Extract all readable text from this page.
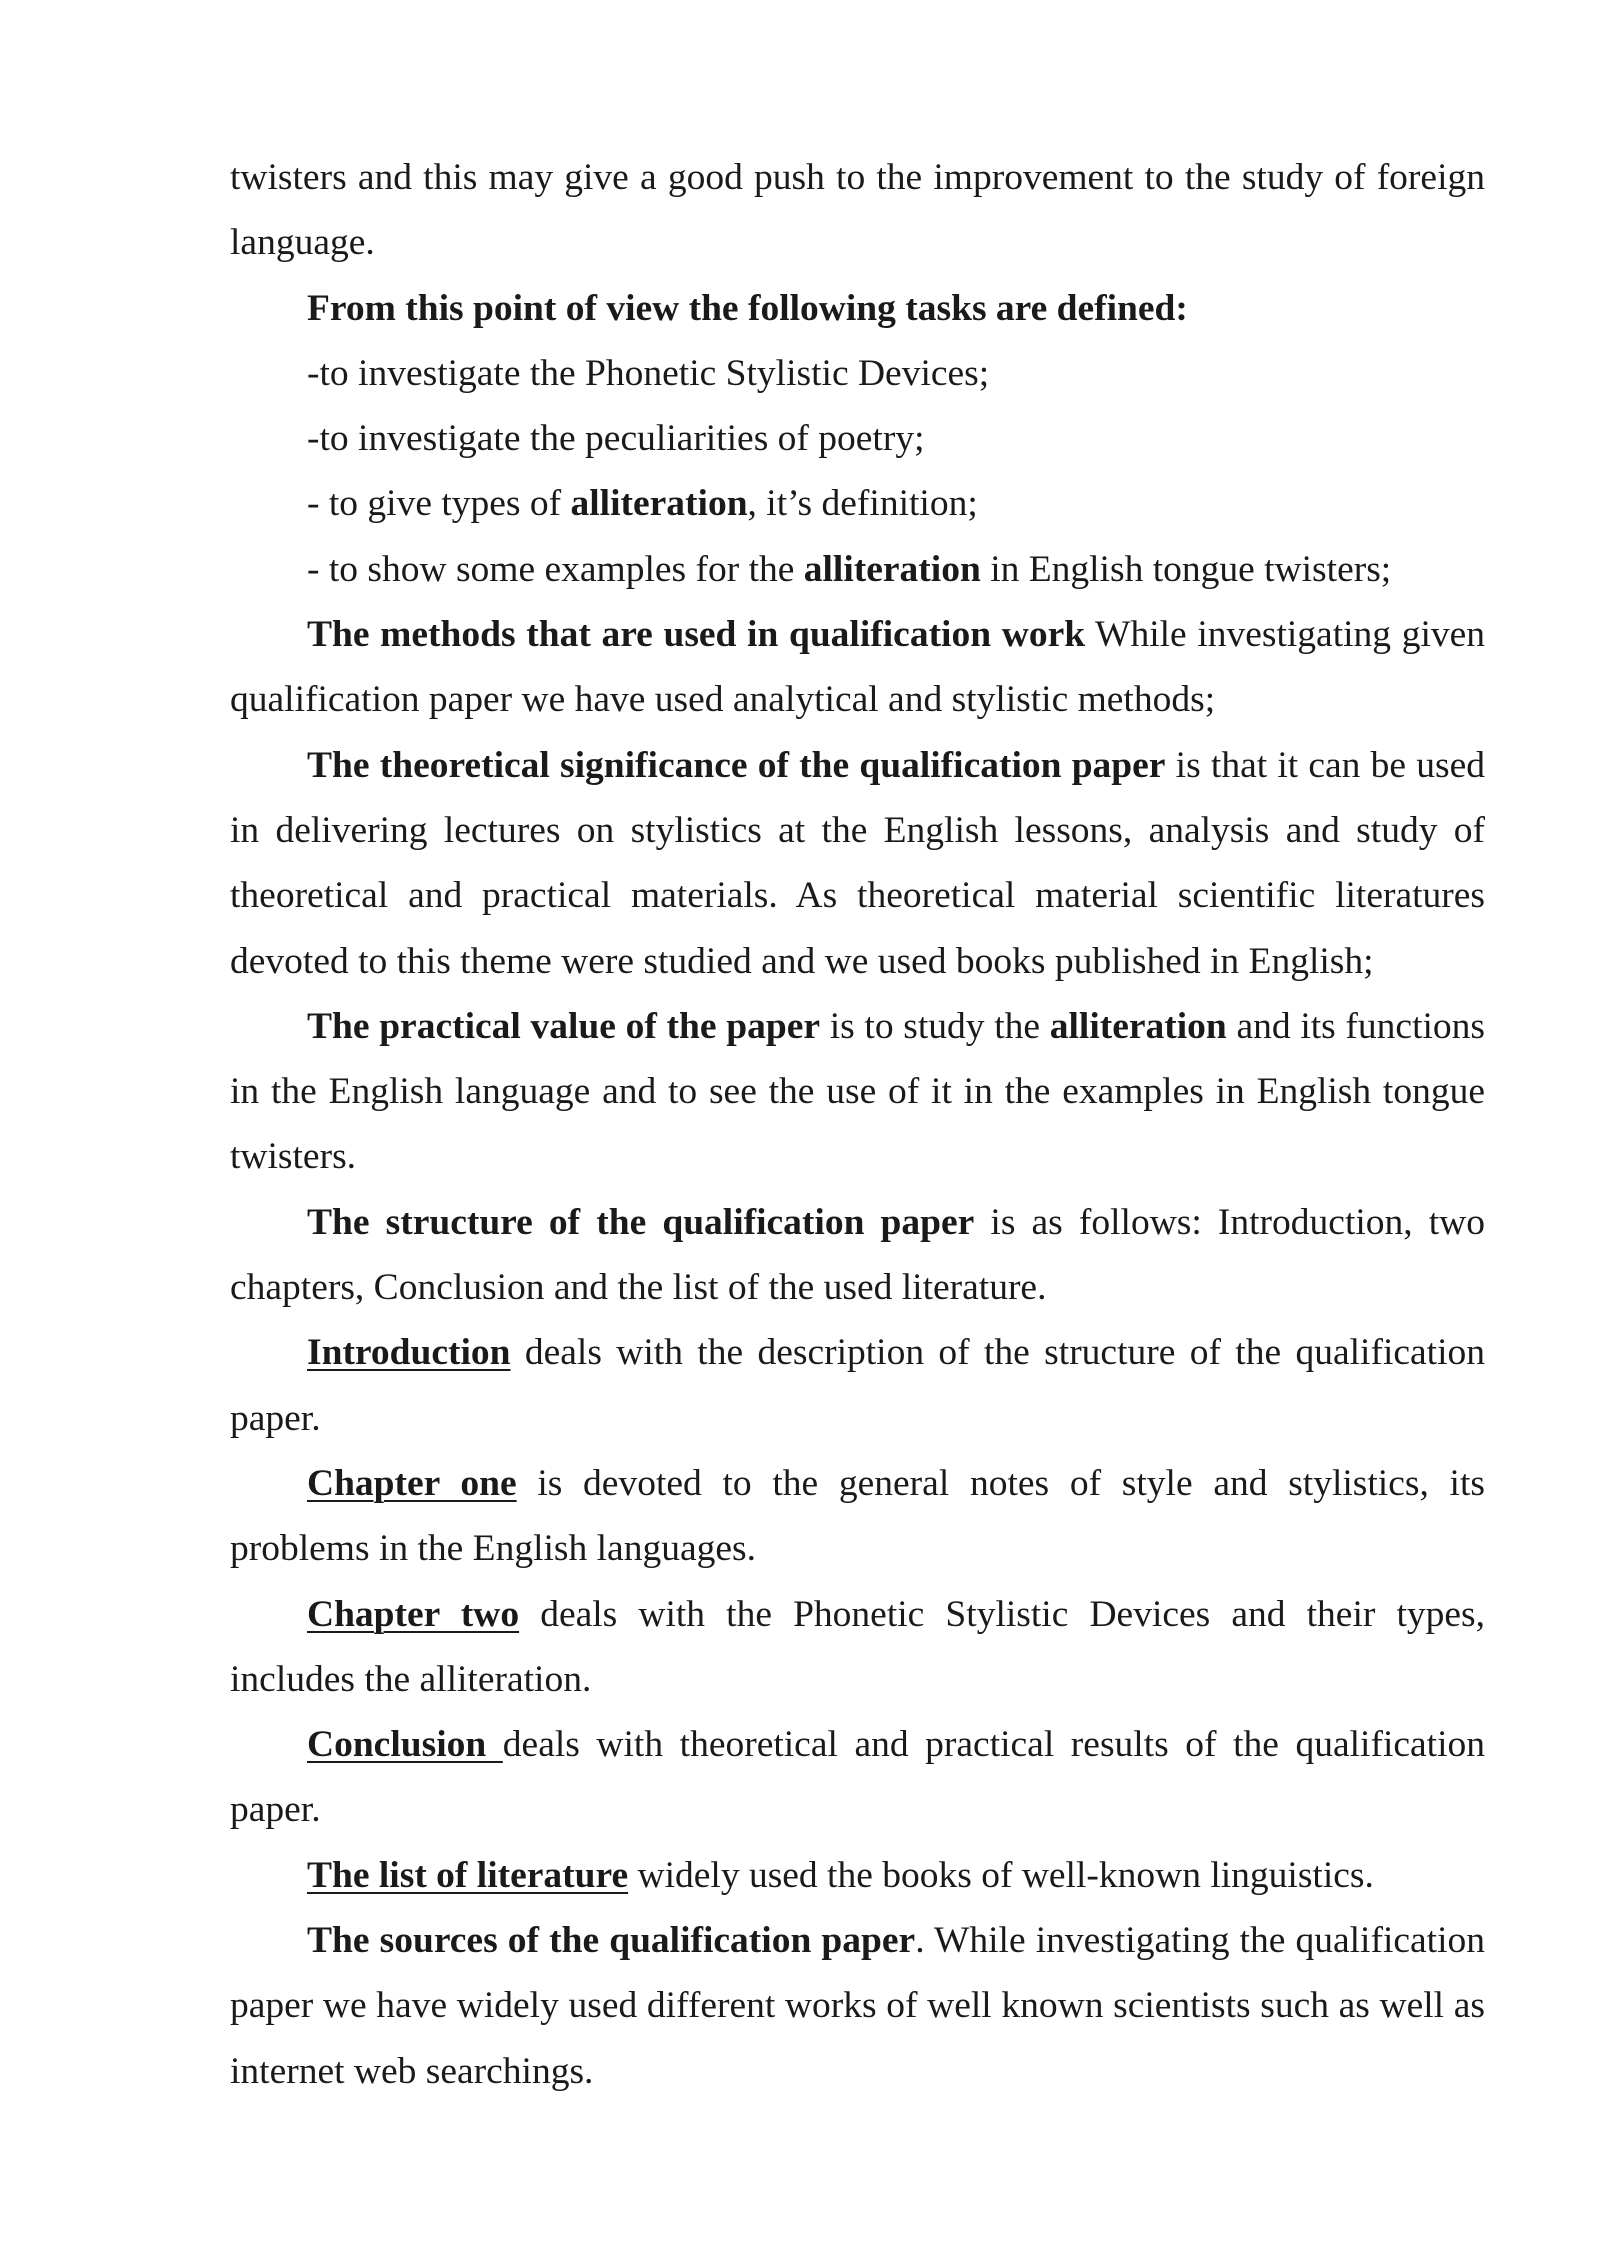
twisters and this may give a good push to the improvement to the study of foreign language.

From this point of view the following tasks are defined:

-to investigate the Phonetic Stylistic Devices;

-to investigate the peculiarities of poetry;

- to give types of alliteration, it’s definition;

- to show some examples for the alliteration in English tongue twisters;

The methods that are used in qualification work While investigating given qualification paper we have used analytical and stylistic methods;

The theoretical significance of the qualification paper is that it can be used in delivering lectures on stylistics at the English lessons, analysis and study of theoretical and practical materials. As theoretical material scientific literatures devoted to this theme were studied and we used books published in English;

The practical value of the paper is to study the alliteration and its functions in the English language and to see the use of it in the examples in English tongue twisters.

The structure of the qualification paper is as follows: Introduction, two chapters, Conclusion and the list of the used literature.

Introduction deals with the description of the structure of the qualification paper.

Chapter one is devoted to the general notes of style and stylistics, its problems in the English languages.

Chapter two deals with the Phonetic Stylistic Devices and their types, includes the alliteration.

Conclusion deals with theoretical and practical results of the qualification paper.

The list of literature widely used the books of well-known linguistics.

The sources of the qualification paper. While investigating the qualification paper we have widely used different works of well known scientists such as well as internet web searchings.
